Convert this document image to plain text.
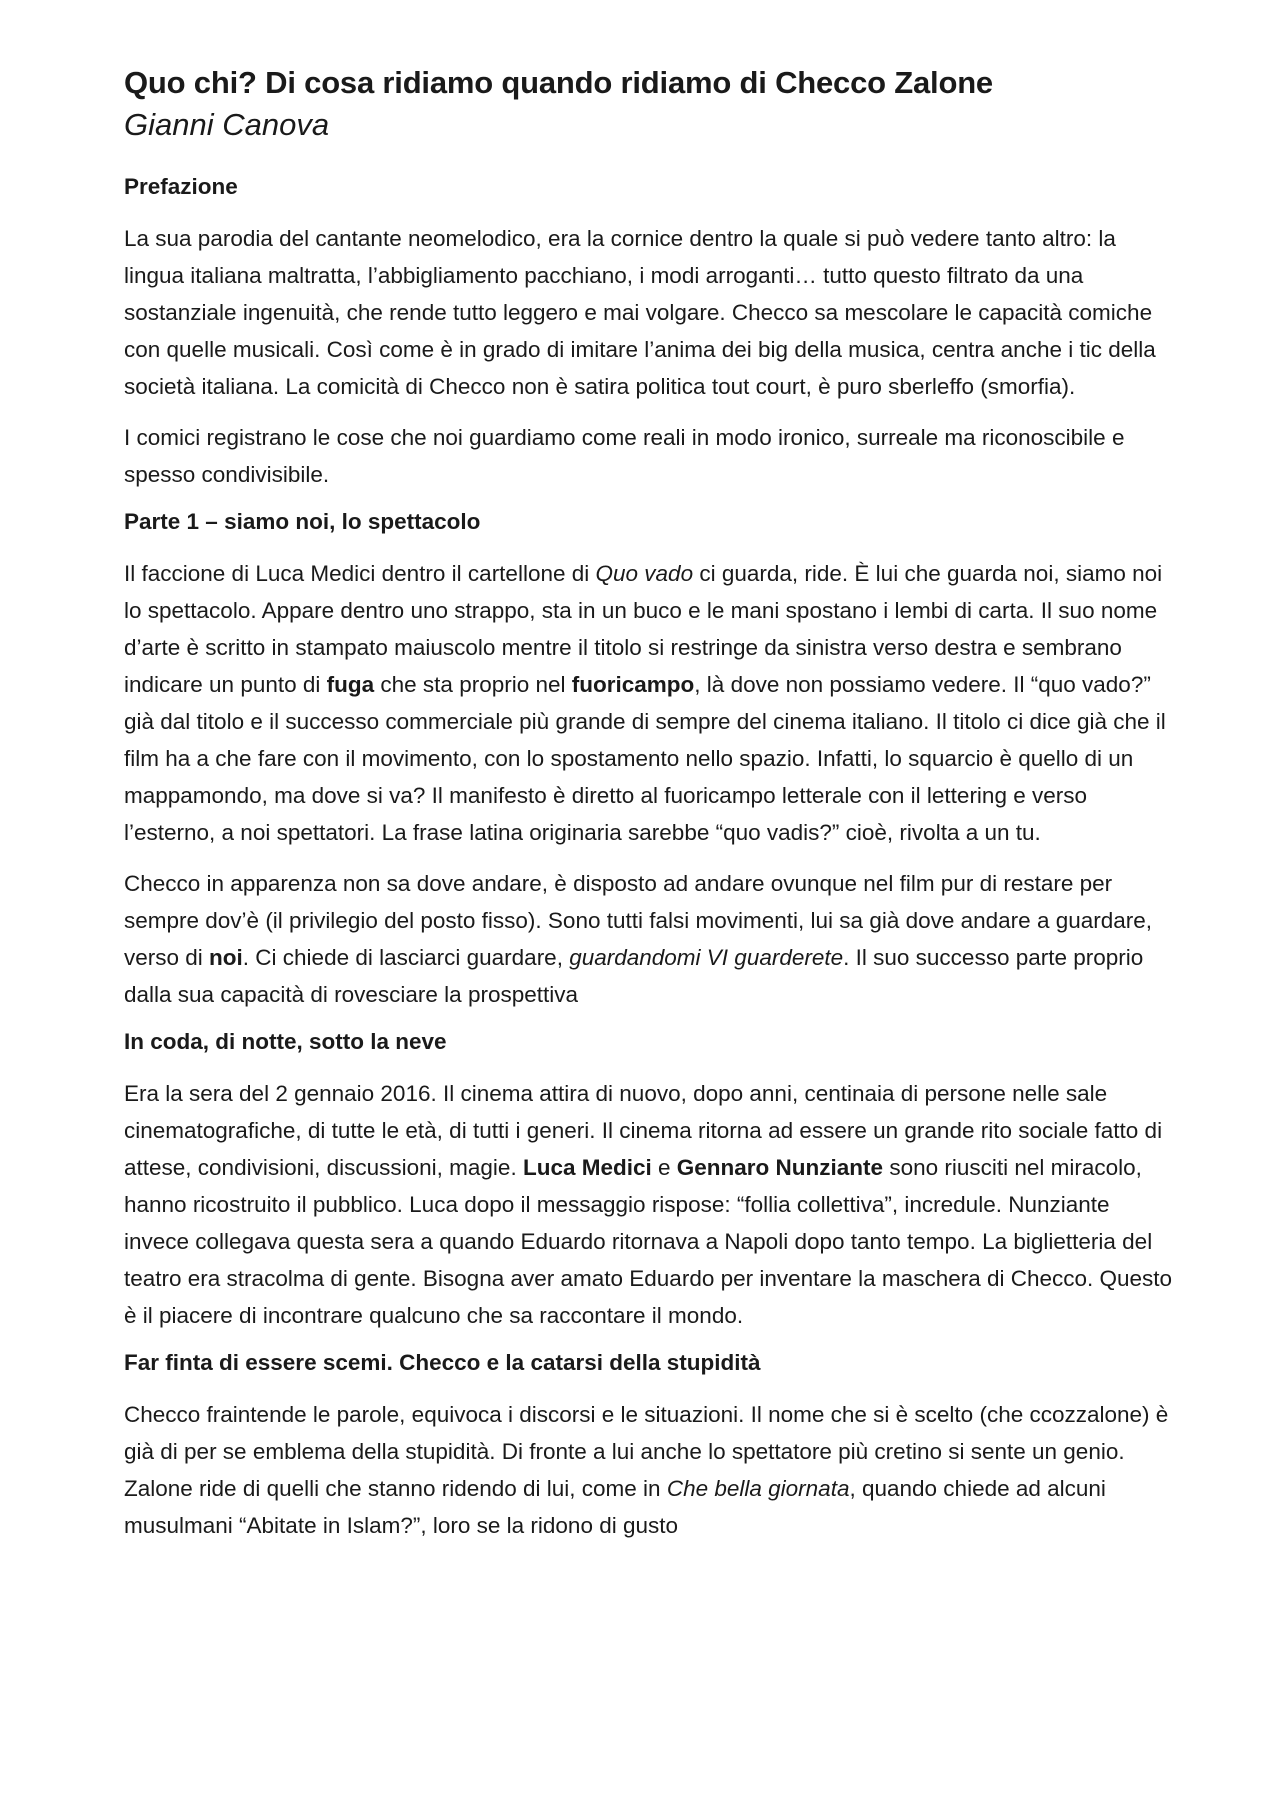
Quo chi? Di cosa ridiamo quando ridiamo di Checco Zalone
Gianni Canova
Prefazione

La sua parodia del cantante neomelodico, era la cornice dentro la quale si può vedere tanto altro: la lingua italiana maltratta, l’abbigliamento pacchiano, i modi arroganti… tutto questo filtrato da una sostanziale ingenuità, che rende tutto leggero e mai volgare. Checco sa mescolare le capacità comiche con quelle musicali. Così come è in grado di imitare l’anima dei big della musica, centra anche i tic della società italiana. La comicità di Checco non è satira politica tout court, è puro sberleffo (smorfia).

I comici registrano le cose che noi guardiamo come reali in modo ironico, surreale ma riconoscibile e spesso condivisibile.

Parte 1 – siamo noi, lo spettacolo

Il faccione di Luca Medici dentro il cartellone di Quo vado ci guarda, ride. È lui che guarda noi, siamo noi lo spettacolo. Appare dentro uno strappo, sta in un buco e le mani spostano i lembi di carta. Il suo nome d’arte è scritto in stampato maiuscolo mentre il titolo si restringe da sinistra verso destra e sembrano indicare un punto di fuga che sta proprio nel fuoricampo, là dove non possiamo vedere. Il “quo vado?” già dal titolo e il successo commerciale più grande di sempre del cinema italiano. Il titolo ci dice già che il film ha a che fare con il movimento, con lo spostamento nello spazio. Infatti, lo squarcio è quello di un mappamondo, ma dove si va? Il manifesto è diretto al fuoricampo letterale con il lettering e verso l’esterno, a noi spettatori. La frase latina originaria sarebbe “quo vadis?” cioè, rivolta a un tu.

Checco in apparenza non sa dove andare, è disposto ad andare ovunque nel film pur di restare per sempre dov’è (il privilegio del posto fisso). Sono tutti falsi movimenti, lui sa già dove andare a guardare, verso di noi. Ci chiede di lasciarci guardare, guardandomi VI guarderete. Il suo successo parte proprio dalla sua capacità di rovesciare la prospettiva

In coda, di notte, sotto la neve

Era la sera del 2 gennaio 2016. Il cinema attira di nuovo, dopo anni, centinaia di persone nelle sale cinematografiche, di tutte le età, di tutti i generi. Il cinema ritorna ad essere un grande rito sociale fatto di attese, condivisioni, discussioni, magie. Luca Medici e Gennaro Nunziante sono riusciti nel miracolo, hanno ricostruito il pubblico. Luca dopo il messaggio rispose: “follia collettiva”, incredule. Nunziante invece collegava questa sera a quando Eduardo ritornava a Napoli dopo tanto tempo. La biglietteria del teatro era stracolma di gente. Bisogna aver amato Eduardo per inventare la maschera di Checco. Questo è il piacere di incontrare qualcuno che sa raccontare il mondo.

Far finta di essere scemi. Checco e la catarsi della stupidità

Checco fraintende le parole, equivoca i discorsi e le situazioni. Il nome che si è scelto (che ccozzalone) è già di per se emblema della stupidità. Di fronte a lui anche lo spettatore più cretino si sente un genio. Zalone ride di quelli che stanno ridendo di lui, come in Che bella giornata, quando chiede ad alcuni musulmani “Abitate in Islam?”, loro se la ridono di gusto
